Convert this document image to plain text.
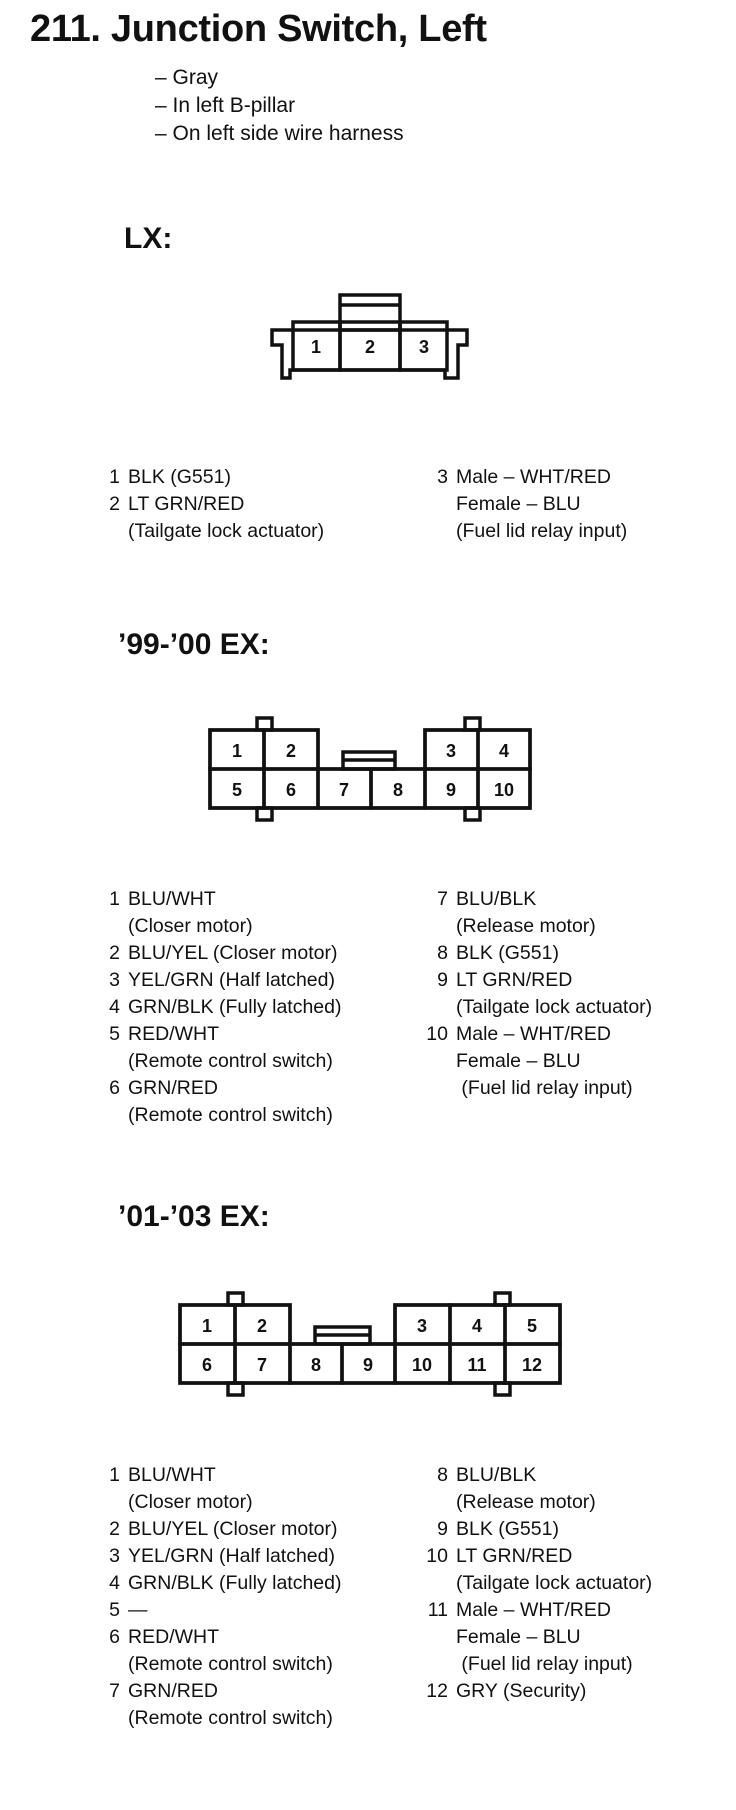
211. Junction Switch, Left
– Gray
– In left B-pillar
– On left side wire harness
LX:
1 2 3
1 2	3 4
5 6 7 8 9 10
1 2	3 4 5
6 7 8 9 10 11 12
1 BLK (G551)
2 LT GRN/RED
(Tailgate lock actuator)
3 Male – WHT/RED
Female – BLU
(Fuel lid relay input)
’99-’00 EX:
1 BLU/WHT
(Closer motor)
2 BLU/YEL (Closer motor)
3 YEL/GRN (Half latched)
4 GRN/BLK (Fully latched)
5 RED/WHT
(Remote control switch)
6 GRN/RED
(Remote control switch)
7 BLU/BLK
(Release motor)
8 BLK (G551)
9 LT GRN/RED
(Tailgate lock actuator)
10 Male – WHT/RED
Female – BLU
(Fuel lid relay input)
’01-’03 EX:
1 BLU/WHT
(Closer motor)
2 BLU/YEL (Closer motor)
3 YEL/GRN (Half latched)
4 GRN/BLK (Fully latched)
5 —
6 RED/WHT
(Remote control switch)
7 GRN/RED
(Remote control switch)
8 BLU/BLK
(Release motor)
9 BLK (G551)
10 LT GRN/RED
(Tailgate lock actuator)
11 Male – WHT/RED
Female – BLU
(Fuel lid relay input)
12 GRY (Security)
